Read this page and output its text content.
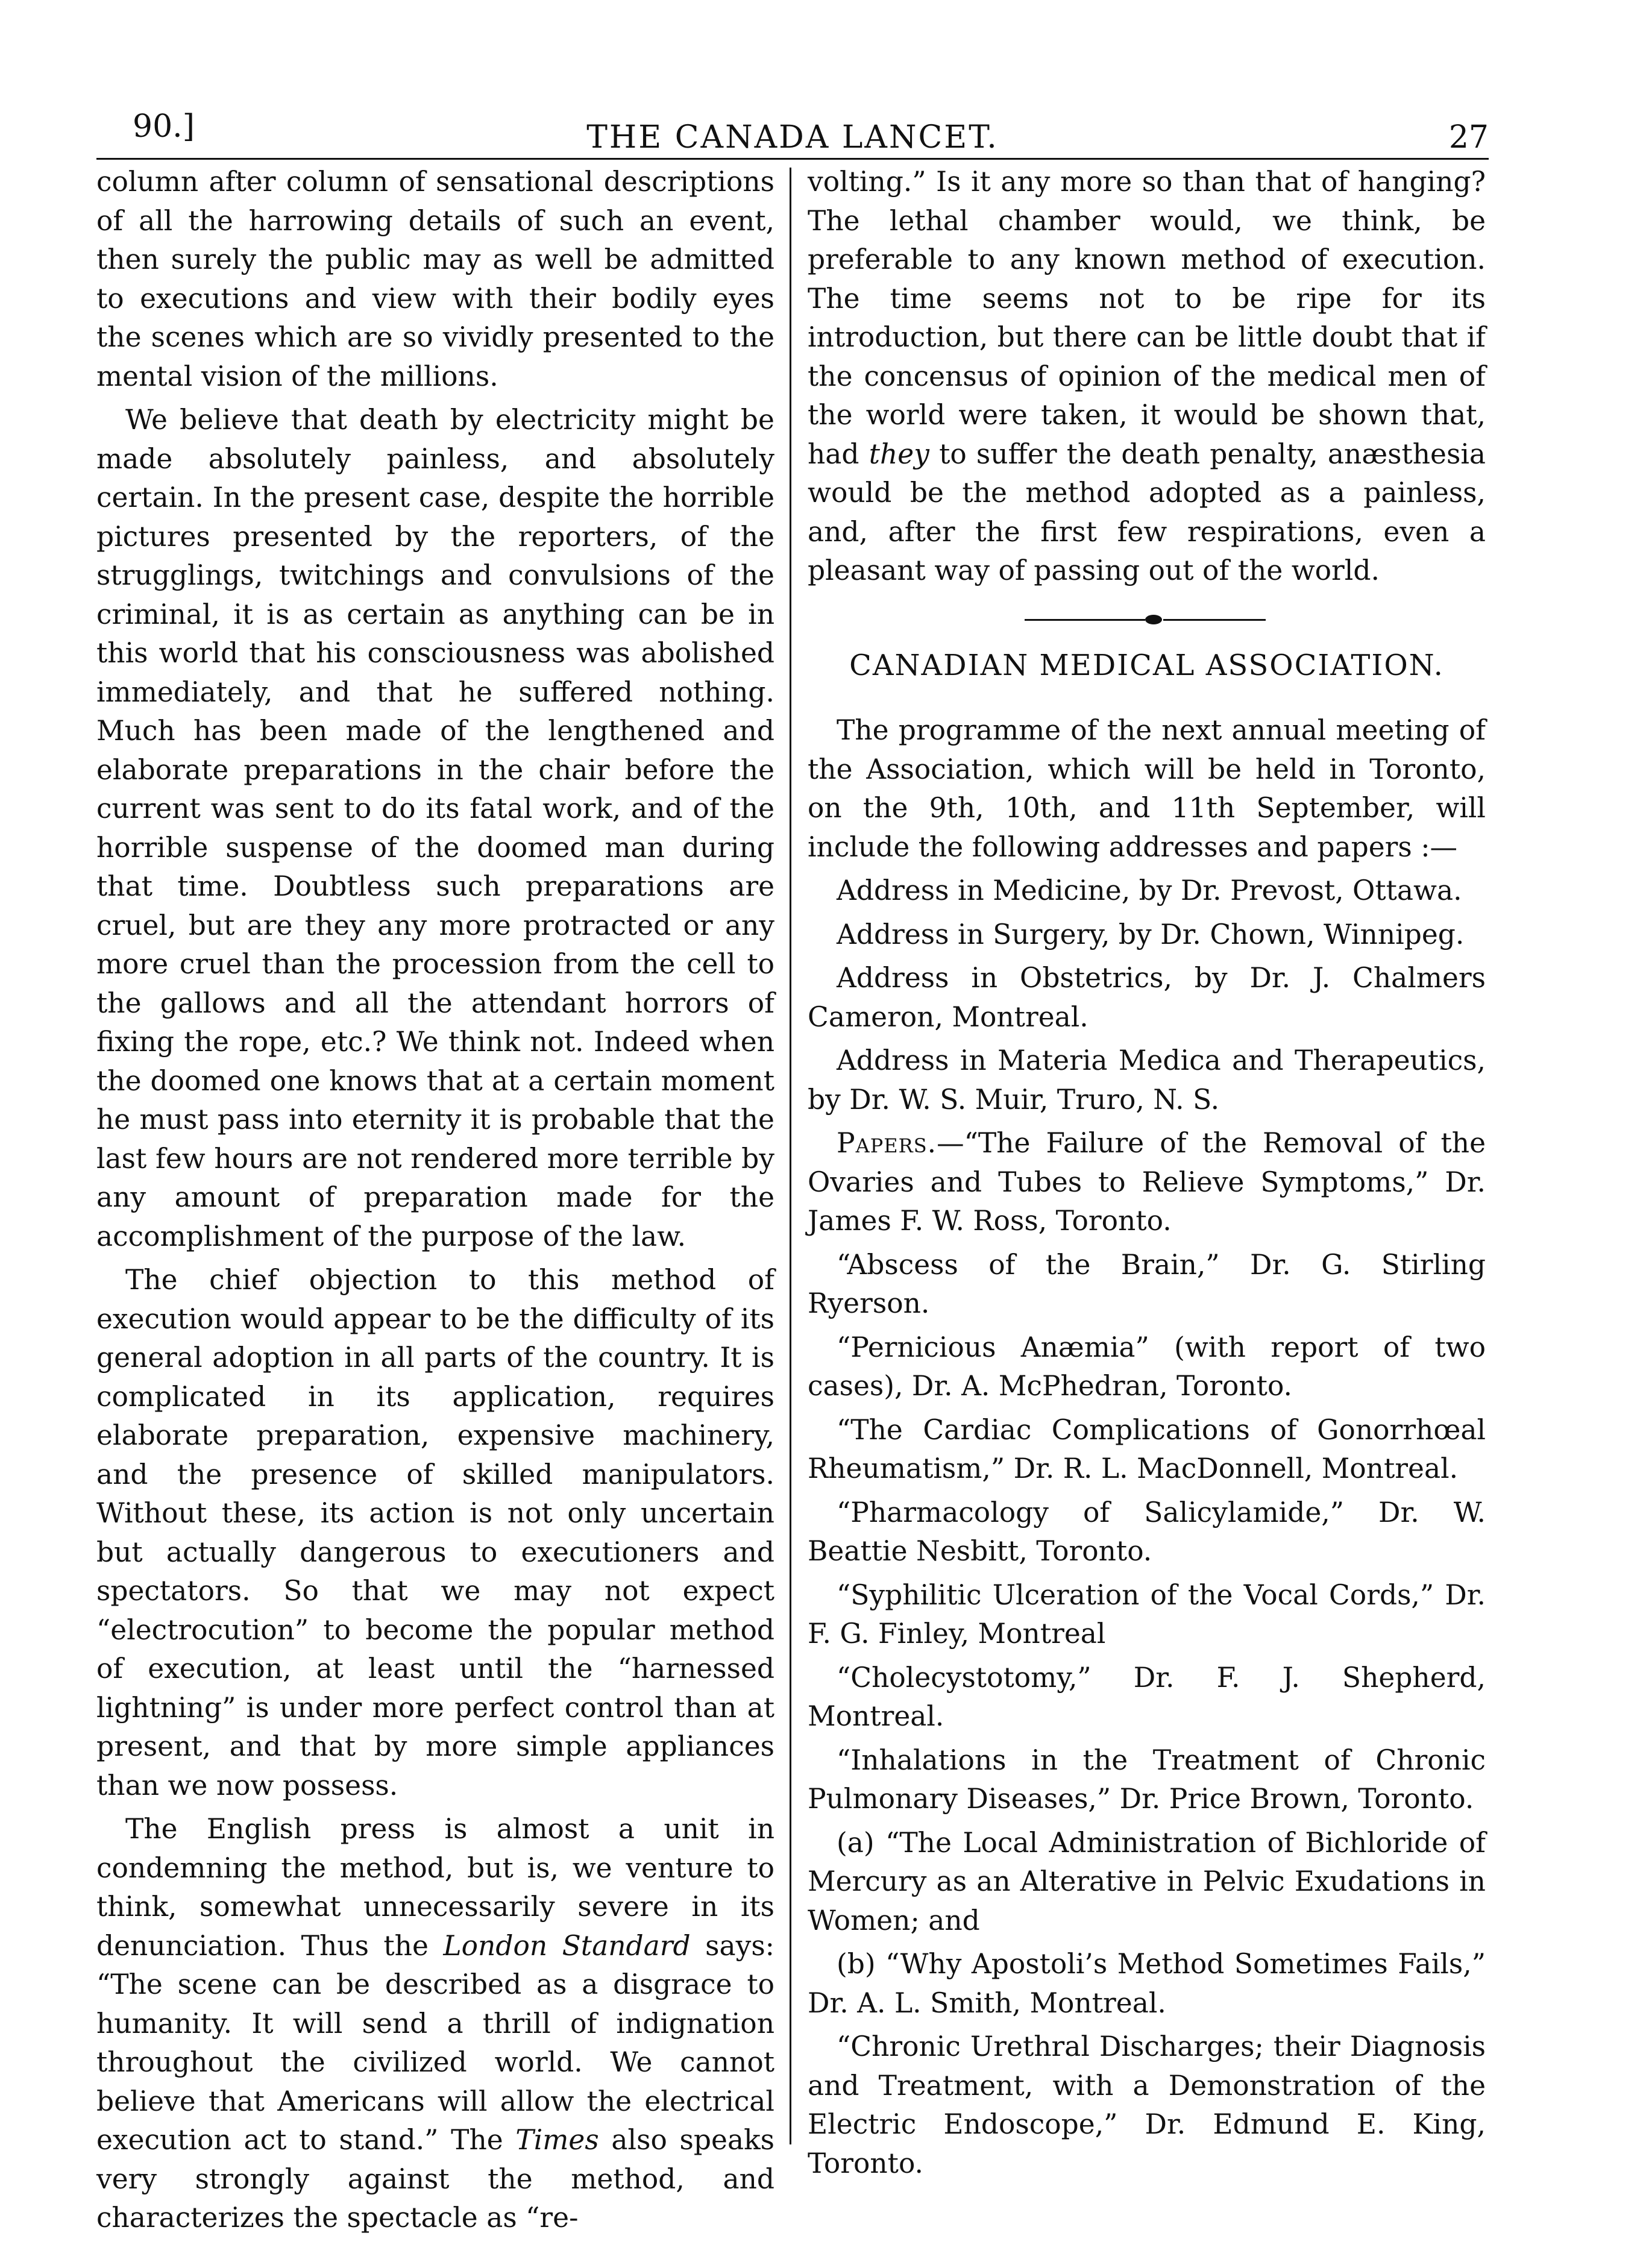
90.]	THE CANADA LANCET.	27

column after column of sensational descriptions of all the harrowing details of such an event, then surely the public may as well be admitted to executions and view with their bodily eyes the scenes which are so vividly presented to the mental vision of the millions.

We believe that death by electricity might be made absolutely painless, and absolutely certain. In the present case, despite the horrible pictures presented by the reporters, of the strugglings, twitchings and convulsions of the criminal, it is as certain as anything can be in this world that his consciousness was abolished immediately, and that he suffered nothing. Much has been made of the lengthened and elaborate preparations in the chair before the current was sent to do its fatal work, and of the horrible suspense of the doomed man during that time. Doubtless such preparations are cruel, but are they any more protracted or any more cruel than the procession from the cell to the gallows and all the attendant horrors of fixing the rope, etc.? We think not. Indeed when the doomed one knows that at a certain moment he must pass into eternity it is probable that the last few hours are not rendered more terrible by any amount of preparation made for the accomplishment of the purpose of the law.

The chief objection to this method of execution would appear to be the difficulty of its general adoption in all parts of the country. It is complicated in its application, requires elaborate preparation, expensive machinery, and the presence of skilled manipulators. Without these, its action is not only uncertain but actually dangerous to executioners and spectators. So that we may not expect “electrocution” to become the popular method of execution, at least until the “harnessed lightning” is under more perfect control than at present, and that by more simple appliances than we now possess.

The English press is almost a unit in condemning the method, but is, we venture to think, somewhat unnecessarily severe in its denunciation. Thus the London Standard says: “The scene can be described as a disgrace to humanity. It will send a thrill of indignation throughout the civilized world. We cannot believe that Americans will allow the electrical execution act to stand.” The Times also speaks very strongly against the method, and characterizes the spectacle as “re-

volting.” Is it any more so than that of hanging? The lethal chamber would, we think, be preferable to any known method of execution. The time seems not to be ripe for its introduction, but there can be little doubt that if the concensus of opinion of the medical men of the world were taken, it would be shown that, had they to suffer the death penalty, anæsthesia would be the method adopted as a painless, and, after the first few respirations, even a pleasant way of passing out of the world.

CANADIAN MEDICAL ASSOCIATION.

The programme of the next annual meeting of the Association, which will be held in Toronto, on the 9th, 10th, and 11th September, will include the following addresses and papers :—

Address in Medicine, by Dr. Prevost, Ottawa.

Address in Surgery, by Dr. Chown, Winnipeg.

Address in Obstetrics, by Dr. J. Chalmers Cameron, Montreal.

Address in Materia Medica and Therapeutics, by Dr. W. S. Muir, Truro, N. S.

Papers.—“The Failure of the Removal of the Ovaries and Tubes to Relieve Symptoms,” Dr. James F. W. Ross, Toronto.

“Abscess of the Brain,” Dr. G. Stirling Ryerson.

“Pernicious Anæmia” (with report of two cases), Dr. A. McPhedran, Toronto.

“The Cardiac Complications of Gonorrhœal Rheumatism,” Dr. R. L. MacDonnell, Montreal.

“Pharmacology of Salicylamide,” Dr. W. Beattie Nesbitt, Toronto.

“Syphilitic Ulceration of the Vocal Cords,” Dr. F. G. Finley, Montreal

“Cholecystotomy,” Dr. F. J. Shepherd, Montreal.

“Inhalations in the Treatment of Chronic Pulmonary Diseases,” Dr. Price Brown, Toronto.

(a) “The Local Administration of Bichloride of Mercury as an Alterative in Pelvic Exudations in Women; and

(b) “Why Apostoli’s Method Sometimes Fails,” Dr. A. L. Smith, Montreal.

“Chronic Urethral Discharges; their Diagnosis and Treatment, with a Demonstration of the Electric Endoscope,” Dr. Edmund E. King, Toronto.
